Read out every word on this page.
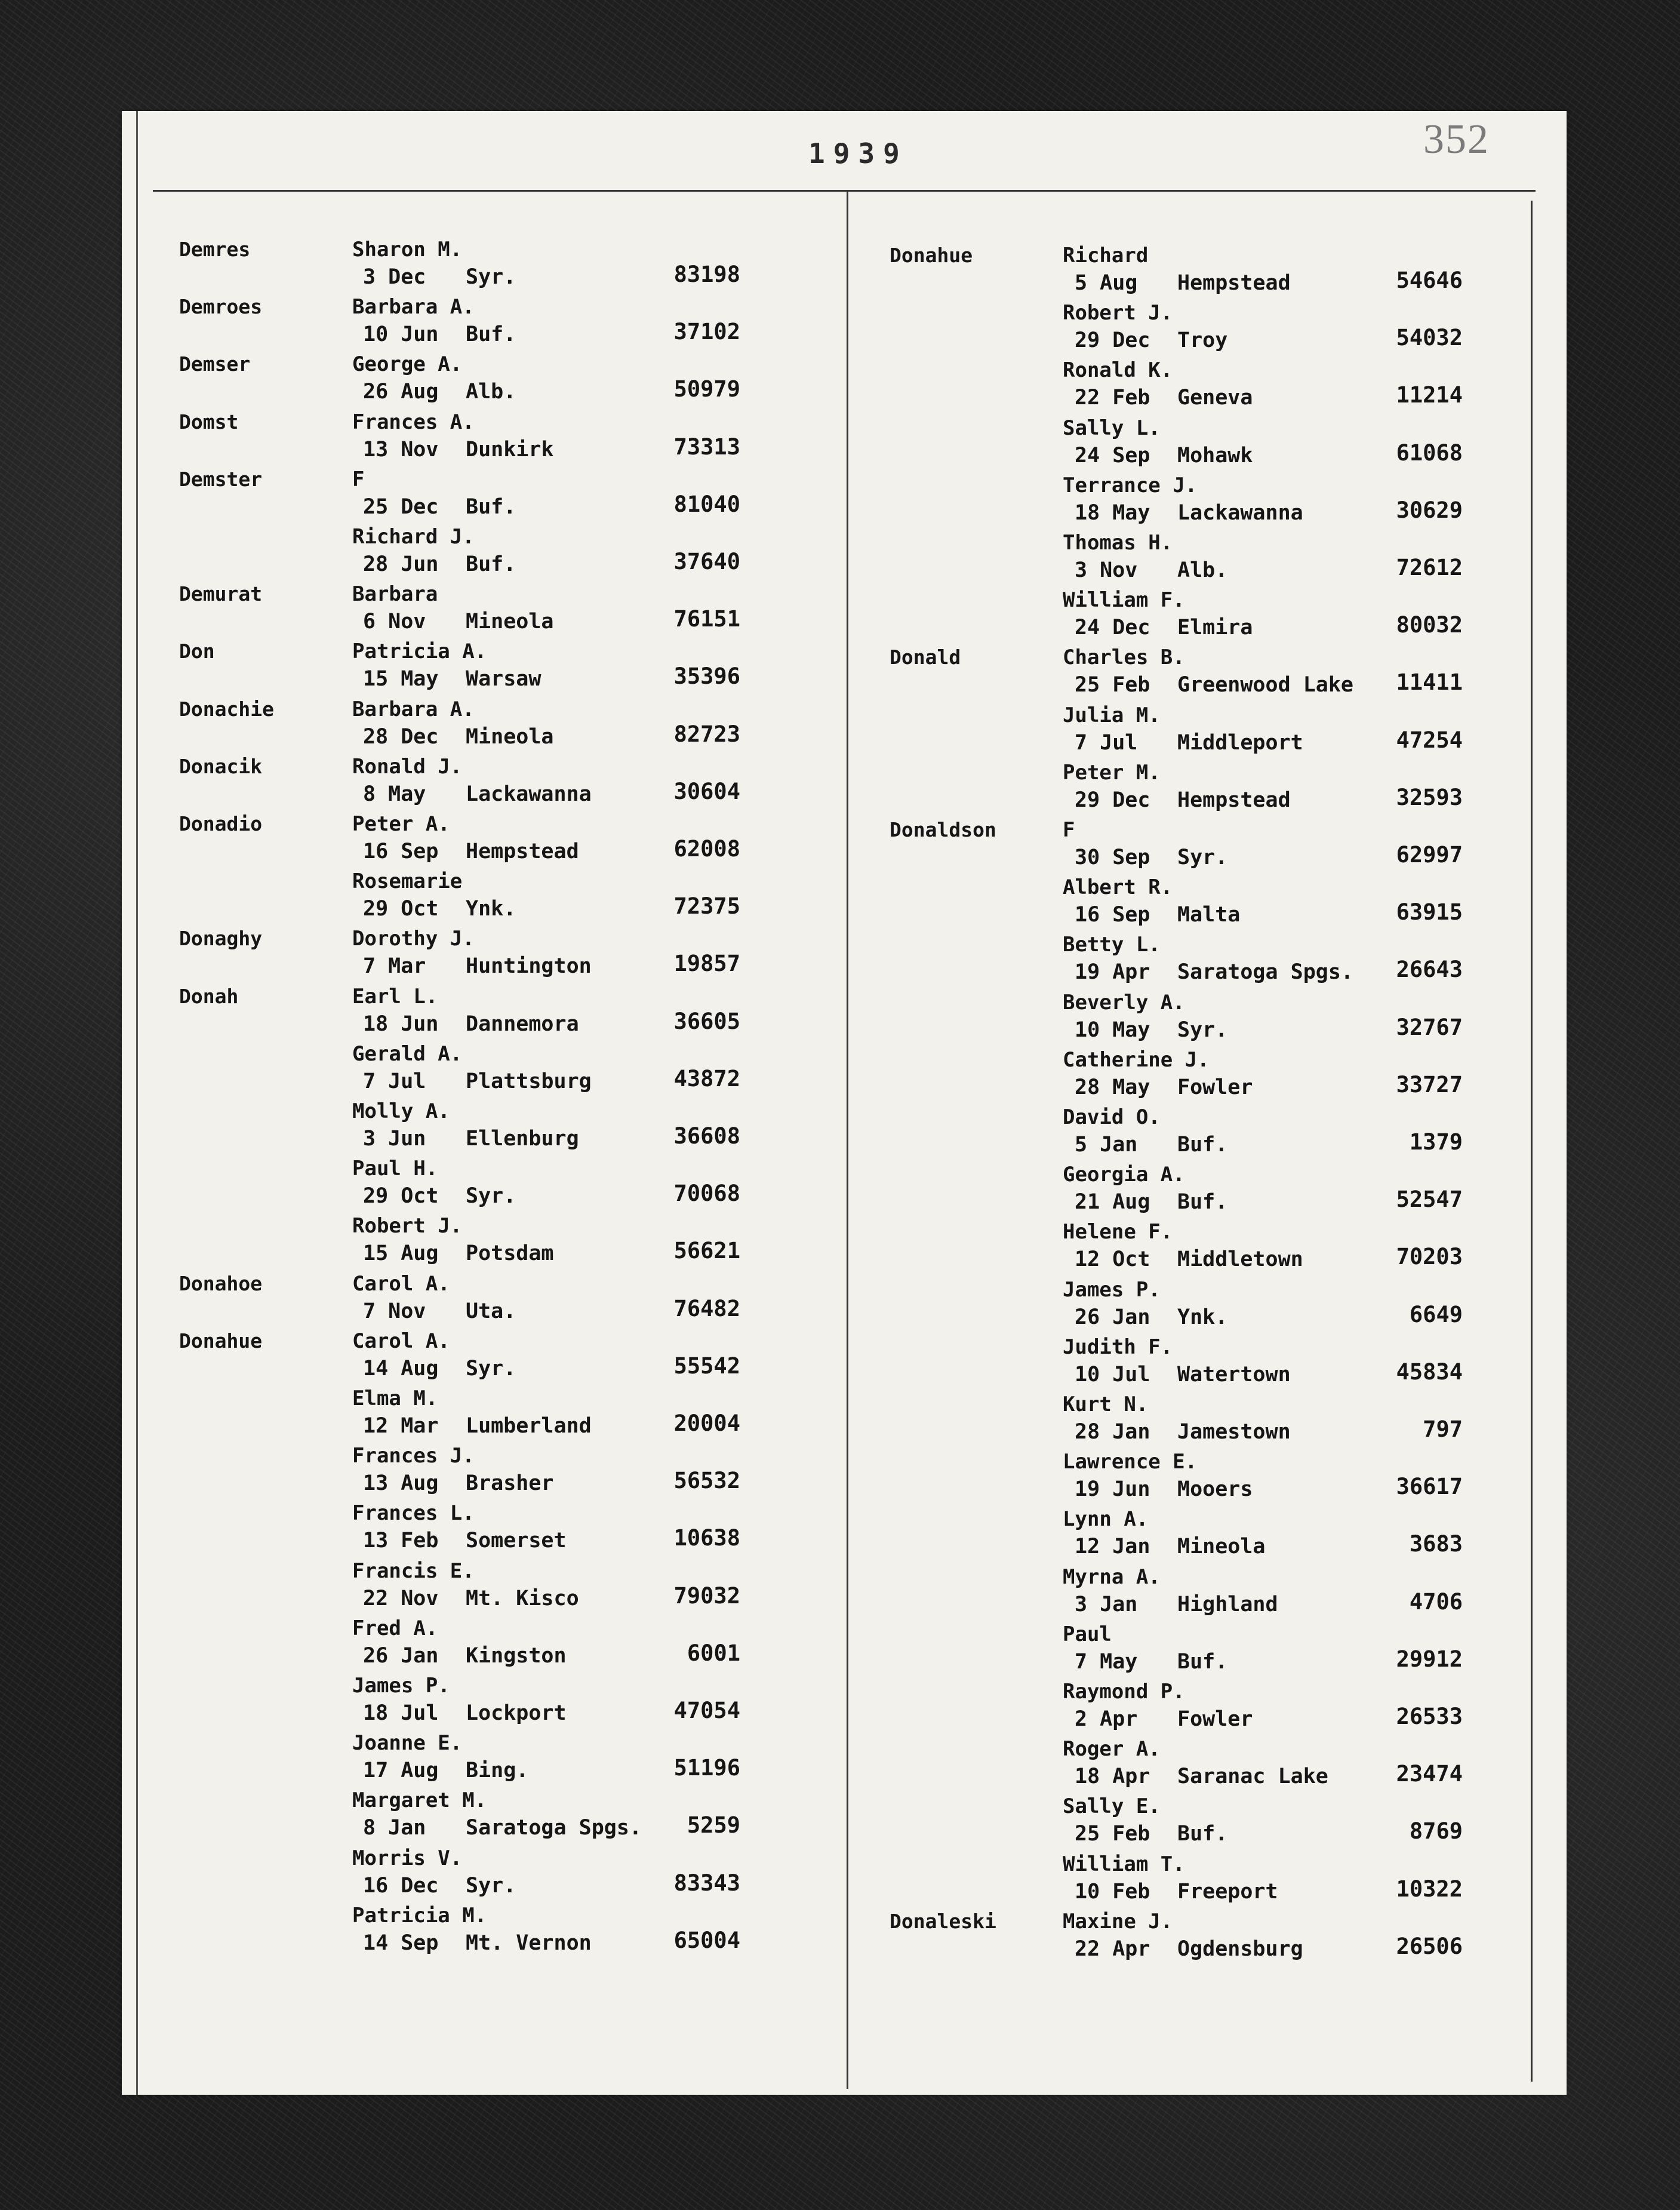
1939	352
Demres	Sharon M.
3 Dec Syr.	83198
Demroes	Barbara A.
10 Jun Buf.	37102
Demser	George A.
26 Aug Alb.	50979
Domst	Frances A.
13 Nov Dunkirk	73313
Demster	F
25 Dec Buf.	81040
Richard J.
28 Jun Buf.	37640
Demurat	Barbara
6 Nov Mineola	76151
Don	Patricia A.
15 May Warsaw	35396
Donachie	Barbara A.
28 Dec Mineola	82723
Donacik	Ronald J.
8 May Lackawanna	30604
Donadio	Peter A.
16 Sep Hempstead	62008
Rosemarie
29 Oct Ynk.	72375
Donaghy	Dorothy J.
7 Mar Huntington	19857
Donah	Earl L.
18 Jun Dannemora	36605
Gerald A.
7 Jul Plattsburg	43872
Molly A.
3 Jun Ellenburg	36608
Paul H.
29 Oct Syr.	70068
Robert J.
15 Aug Potsdam	56621
Donahoe	Carol A.
7 Nov Uta.	76482
Donahue	Carol A.
14 Aug Syr.	55542
Elma M.
12 Mar Lumberland	20004
Frances J.
13 Aug Brasher	56532
Frances L.
13 Feb Somerset	10638
Francis E.
22 Nov Mt. Kisco	79032
Fred A.
26 Jan Kingston	6001
James P.
18 Jul Lockport	47054
Joanne E.
17 Aug Bing.	51196
Margaret M.
8 Jan Saratoga Spgs.	5259
Morris V.
16 Dec Syr.	83343
Patricia M.
14 Sep Mt. Vernon	65004
Donahue	Richard
5 Aug Hempstead	54646
Robert J.
29 Dec Troy	54032
Ronald K.
22 Feb Geneva	11214
Sally L.
24 Sep Mohawk	61068
Terrance J.
18 May Lackawanna	30629
Thomas H.
3 Nov Alb.	72612
William F.
24 Dec Elmira	80032
Donald	Charles B.
25 Feb Greenwood Lake	11411
Julia M.
7 Jul Middleport	47254
Peter M.
29 Dec Hempstead	32593
Donaldson	F
30 Sep Syr.	62997
Albert R.
16 Sep Malta	63915
Betty L.
19 Apr Saratoga Spgs.	26643
Beverly A.
10 May Syr.	32767
Catherine J.
28 May Fowler	33727
David O.
5 Jan Buf.	1379
Georgia A.
21 Aug Buf.	52547
Helene F.
12 Oct Middletown	70203
James P.
26 Jan Ynk.	6649
Judith F.
10 Jul Watertown	45834
Kurt N.
28 Jan Jamestown	797
Lawrence E.
19 Jun Mooers	36617
Lynn A.
12 Jan Mineola	3683
Myrna A.
3 Jan Highland	4706
Paul
7 May Buf.	29912
Raymond P.
2 Apr Fowler	26533
Roger A.
18 Apr Saranac Lake	23474
Sally E.
25 Feb Buf.	8769
William T.
10 Feb Freeport	10322
Donaleski	Maxine J.
22 Apr Ogdensburg	26506
